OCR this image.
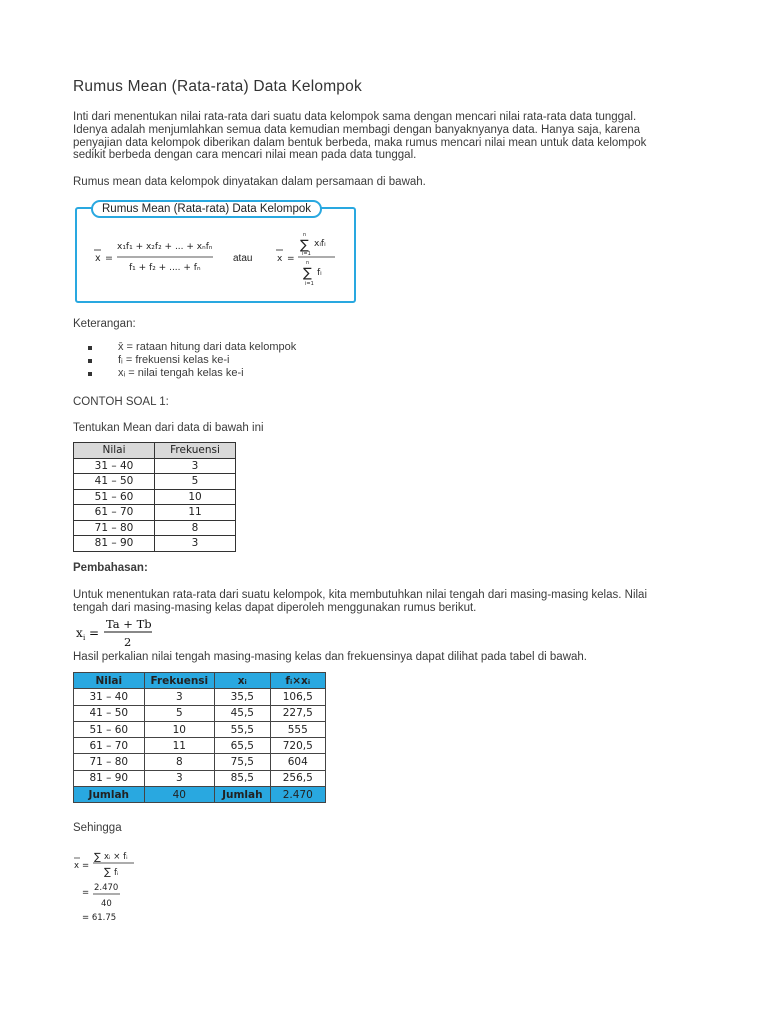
Rumus Mean (Rata-rata) Data Kelompok

Inti dari menentukan nilai rata-rata dari suatu data kelompok sama dengan mencari nilai rata-rata data tunggal. Idenya adalah menjumlahkan semua data kemudian membagi dengan banyaknyanya data. Hanya saja, karena penyajian data kelompok diberikan dalam bentuk berbeda, maka rumus mencari nilai mean untuk data kelompok sedikit berbeda dengan cara mencari nilai mean pada data tunggal.

Rumus mean data kelompok dinyatakan dalam persamaan di bawah.

Rumus Mean (Rata-rata) Data Kelompok
x =
x₁f₁ + x₂f₂ + ... + xₙfₙ
f₁ + f₂ + .... + fₙ
atau	x =
n
∑ xᵢfᵢ
i=1
n
∑ fᵢ
i=1

Keterangan:

x̄ = rataan hitung dari data kelompok
fᵢ = frekuensi kelas ke-i
xᵢ = nilai tengah kelas ke-i

CONTOH SOAL 1:

Tentukan Mean dari data di bawah ini

Nilai	Frekuensi
31 – 40	3
41 – 50	5
51 – 60	10
61 – 70	11
71 – 80	8
81 – 90	3

Pembahasan:

Untuk menentukan rata-rata dari suatu kelompok, kita membutuhkan nilai tengah dari masing-masing kelas. Nilai tengah dari masing-masing kelas dapat diperoleh menggunakan rumus berikut.

x i =
Ta + Tb
2

Hasil perkalian nilai tengah masing-masing kelas dan frekuensinya dapat dilihat pada tabel di bawah.

Nilai	Frekuensi	xᵢ	fᵢ×xᵢ
31 – 40	3	35,5	106,5
41 – 50	5	45,5	227,5
51 – 60	10	55,5	555
61 – 70	11	65,5	720,5
71 – 80	8	75,5	604
81 – 90	3	85,5	256,5
Jumlah	40	Jumlah	2.470

Sehingga

x =
∑ xᵢ × fᵢ
∑ fᵢ
= 2.470
40
= 61.75
